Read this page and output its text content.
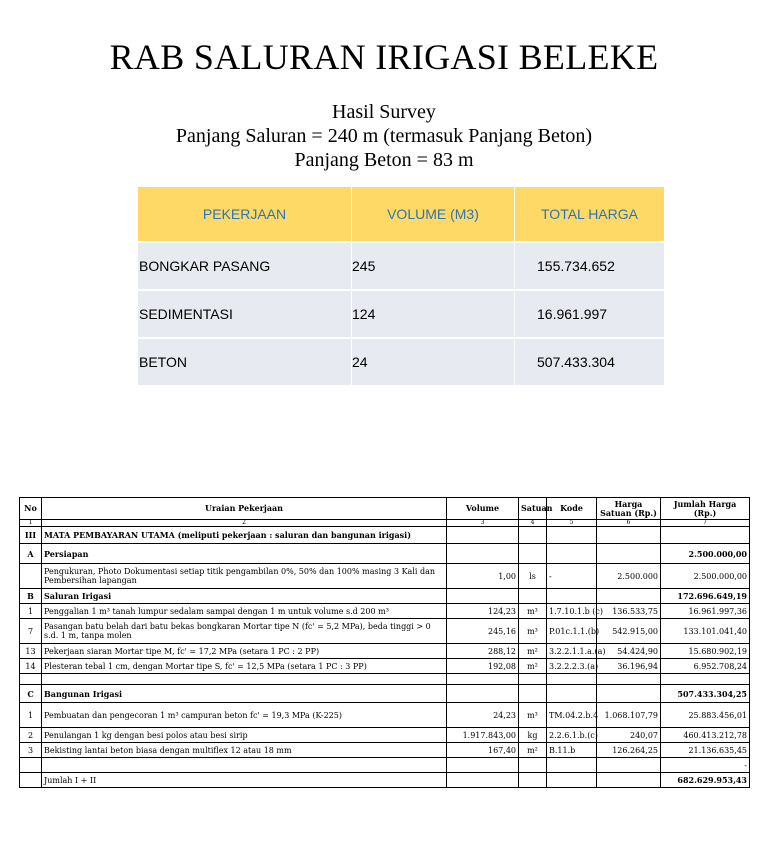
RAB SALURAN IRIGASI BELEKE
Hasil Survey
Panjang Saluran = 240 m (termasuk Panjang Beton)
Panjang Beton = 83 m
PEKERJAAN	VOLUME (M3)	TOTAL HARGA
BONGKAR PASANG	245	155.734.652
SEDIMENTASI	124	16.961.997
BETON	24	507.433.304
No	Uraian Pekerjaan	Volume	Satuan	Kode	Harga Satuan (Rp.)	Jumlah Harga (Rp.)
1	2	3	4	5	6	7
III	MATA PEMBAYARAN UTAMA (meliputi pekerjaan : saluran dan bangunan irigasi)					
A	Persiapan					2.500.000,00
	Pengukuran, Photo Dokumentasi setiap titik pengambilan 0%, 50% dan 100% masing 3 Kali dan Pembersihan lapangan	1,00	ls	-	2.500.000	2.500.000,00
B	Saluran Irigasi					172.696.649,19
1	Penggalian 1 m³ tanah lumpur sedalam sampai dengan 1 m untuk volume s.d 200 m³	124,23	m³	1.7.10.1.b (c)	136.533,75	16.961.997,36
7	Pasangan batu belah dari batu bekas bongkaran Mortar tipe N (fc' = 5,2 MPa), beda tinggi > 0 s.d. 1 m, tanpa molen	245,16	m³	P.01c.1.1.(b)	542.915,00	133.101.041,40
13	Pekerjaan siaran Mortar tipe M, fc' = 17,2 MPa (setara 1 PC : 2 PP)	288,12	m²	3.2.2.1.1.a.(a)	54.424,90	15.680.902,19
14	Plesteran tebal 1 cm, dengan Mortar tipe S, fc' = 12,5 MPa (setara 1 PC : 3 PP)	192,08	m²	3.2.2.2.3.(a)	36.196,94	6.952.708,24

C	Bangunan Irigasi					507.433.304,25
1	Pembuatan dan pengecoran 1 m³ campuran beton fc' = 19,3 MPa (K-225)	24,23	m³	TM.04.2.b.4	1.068.107,79	25.883.456,01
2	Penulangan 1 kg dengan besi polos atau besi sirip	1.917.843,00	kg	2.2.6.1.b.(c)	240,07	460.413.212,78
3	Bekisting lantai beton biasa dengan multiflex 12 atau 18 mm	167,40	m²	B.11.b	126.264,25	21.136.635,45
						-
	Jumlah I + II					682.629.953,43
